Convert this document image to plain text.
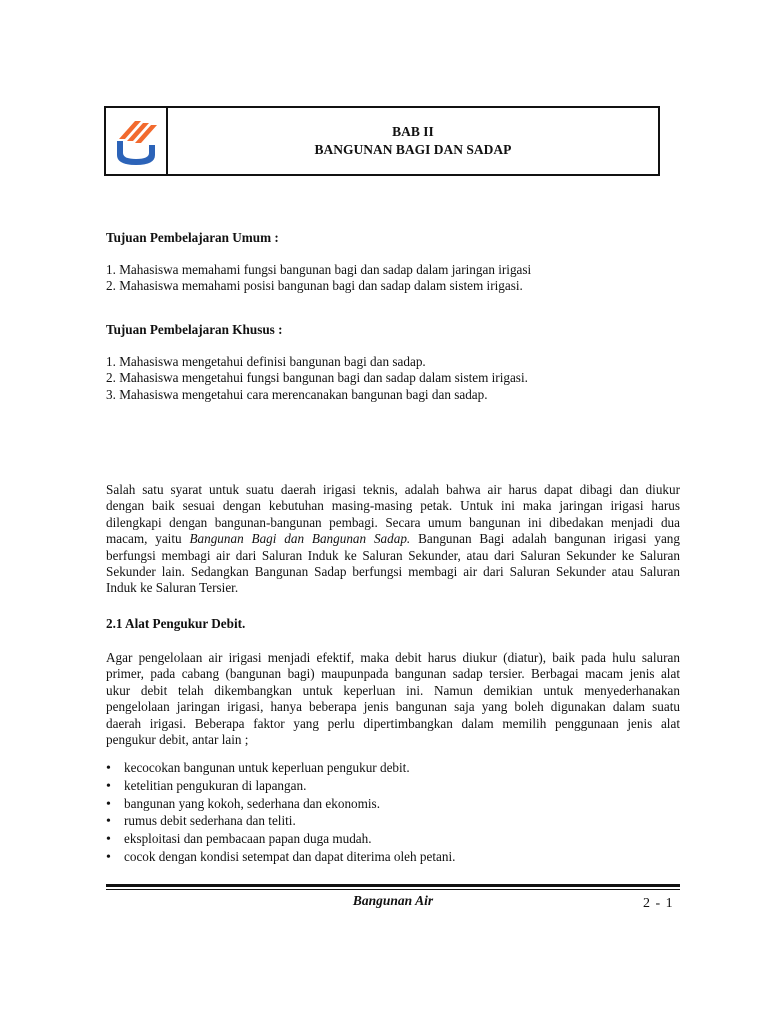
BAB II
BANGUNAN BAGI DAN SADAP
Tujuan Pembelajaran Umum :
1. Mahasiswa memahami fungsi bangunan bagi dan sadap dalam jaringan irigasi
2. Mahasiswa memahami posisi bangunan bagi dan sadap dalam sistem irigasi.
Tujuan Pembelajaran Khusus :
1. Mahasiswa mengetahui definisi bangunan bagi dan sadap.
2. Mahasiswa mengetahui fungsi bangunan bagi dan sadap dalam sistem irigasi.
3. Mahasiswa mengetahui cara merencanakan bangunan bagi dan sadap.
Salah satu syarat untuk suatu daerah irigasi teknis, adalah bahwa air harus dapat dibagi dan diukur
dengan baik sesuai dengan kebutuhan masing-masing petak. Untuk ini maka jaringan irigasi harus
dilengkapi dengan bangunan-bangunan pembagi. Secara umum bangunan ini dibedakan menjadi dua
macam, yaitu Bangunan Bagi dan Bangunan Sadap. Bangunan Bagi adalah bangunan irigasi yang
berfungsi membagi air dari Saluran Induk ke Saluran Sekunder, atau dari Saluran Sekunder ke Saluran
Sekunder lain. Sedangkan Bangunan Sadap berfungsi membagi air dari Saluran Sekunder atau Saluran
Induk ke Saluran Tersier.
2.1 Alat Pengukur Debit.
Agar pengelolaan air irigasi menjadi efektif, maka debit harus diukur (diatur), baik pada hulu saluran
primer, pada cabang (bangunan bagi) maupunpada bangunan sadap tersier. Berbagai macam jenis alat
ukur debit telah dikembangkan untuk keperluan ini. Namun demikian untuk menyederhanakan
pengelolaan jaringan irigasi, hanya beberapa jenis bangunan saja yang boleh digunakan dalam suatu
daerah irigasi. Beberapa faktor yang perlu dipertimbangkan dalam memilih penggunaan jenis alat
pengukur debit, antar lain ;
•
kecocokan bangunan untuk keperluan pengukur debit.
•
ketelitian pengukuran di lapangan.
•
bangunan yang kokoh, sederhana dan ekonomis.
•
rumus debit sederhana dan teliti.
•
eksploitasi dan pembacaan papan duga mudah.
•
cocok dengan kondisi setempat dan dapat diterima oleh petani.
Bangunan Air	2 - 1
